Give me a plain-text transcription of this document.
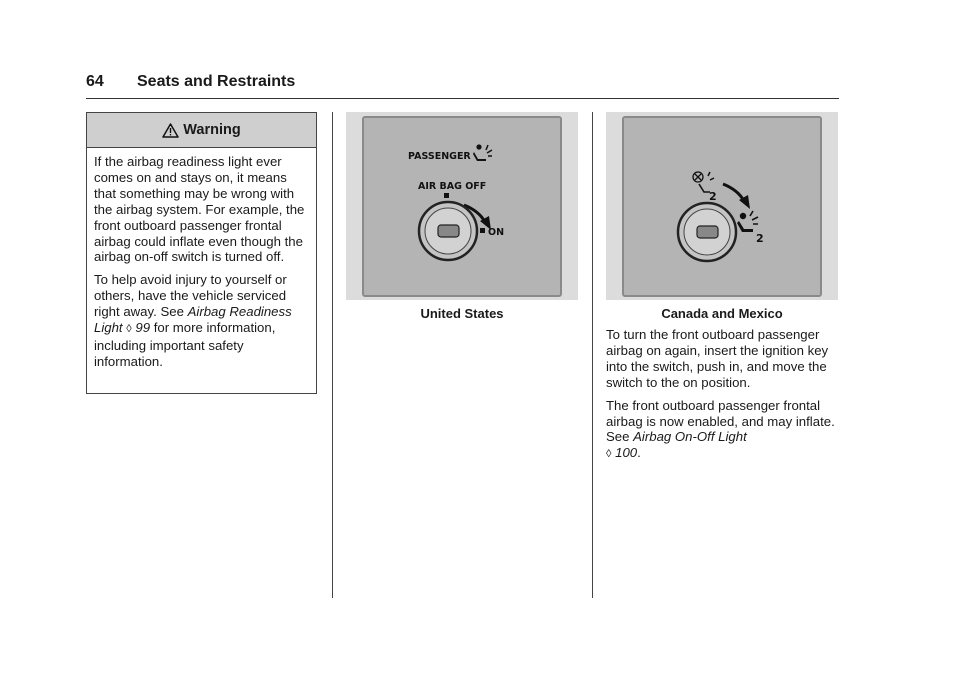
64 Seats and Restraints
Warning

If the airbag readiness light ever comes on and stays on, it means that something may be wrong with the airbag system. For example, the front outboard passenger frontal airbag could inflate even though the airbag on-off switch is turned off.

To help avoid injury to yourself or others, have the vehicle serviced right away. See Airbag Readiness Light ◊ 99 for more information, including important safety information.

PASSENGER
AIR BAG OFF
ON
United States
2
2
Canada and Mexico

To turn the front outboard passenger airbag on again, insert the ignition key into the switch, push in, and move the switch to the on position.

The front outboard passenger frontal airbag is now enabled, and may inflate. See Airbag On-Off Light
◊ 100.
